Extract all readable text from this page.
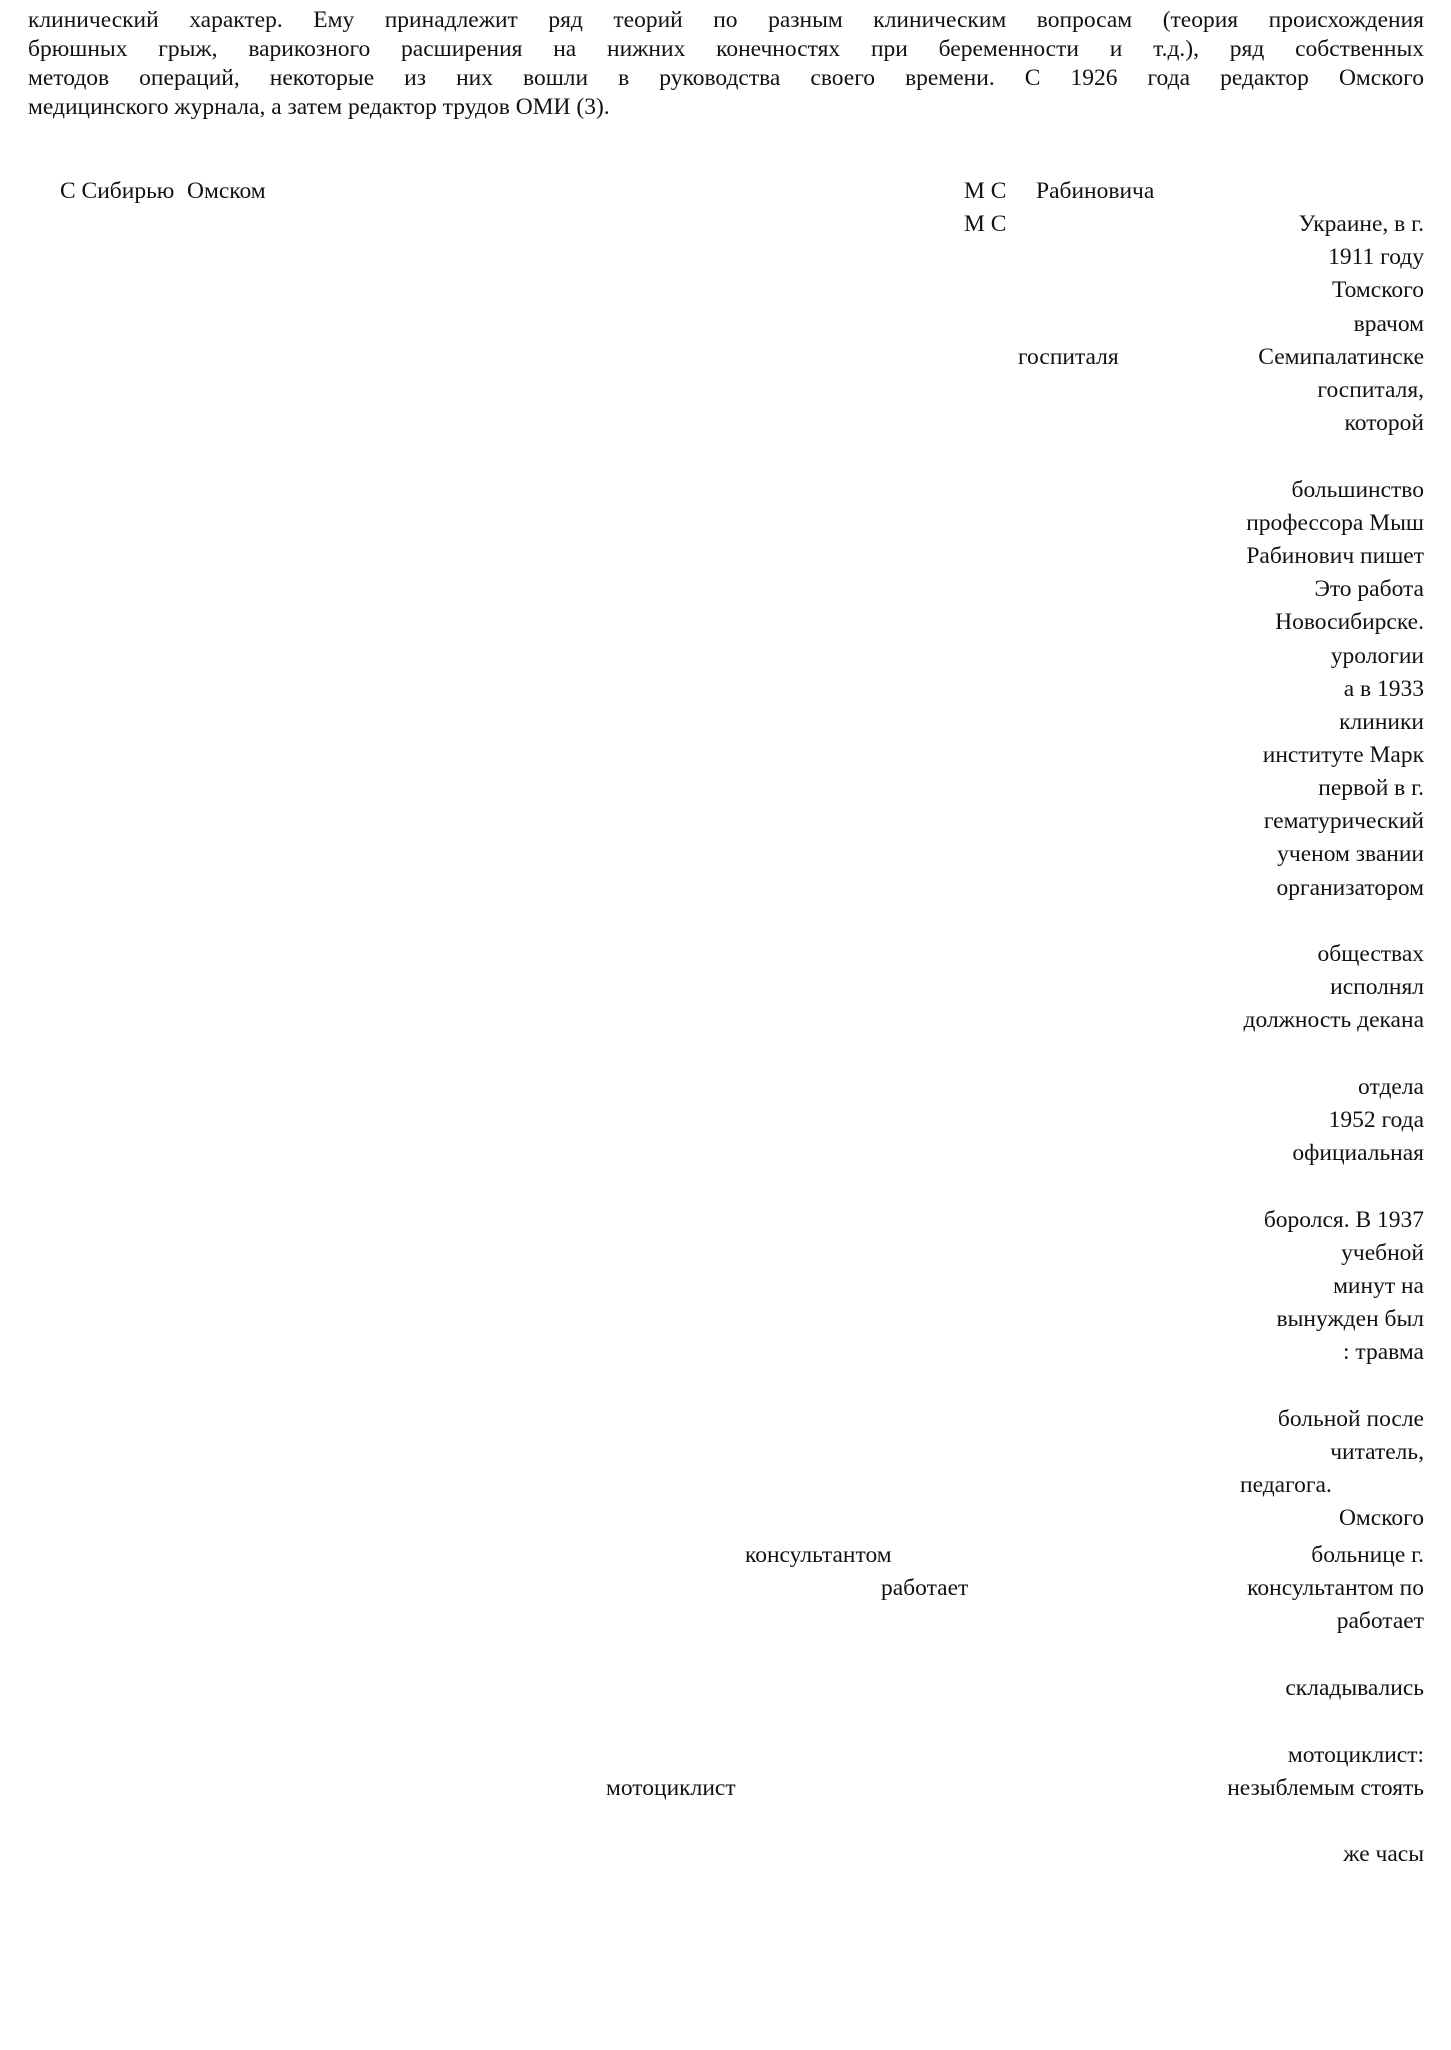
клинический характер. Ему принадлежит ряд теорий по разным клиническим вопросам (теория происхождения
брюшных грыж, варикозного расширения на нижних конечностях при беременности и т.д.), ряд собственных
методов операций, некоторые из них вошли в руководства своего времени. С 1926 года редактор Омского
медицинского журнала, а затем редактор трудов ОМИ (3).
С Сибирью Омском	М С Рабиновича
М С
госпиталя
консультантом
работает
мотоциклист
Украине, в г.
1911 году
Томского
врачом
Семипалатинске
госпиталя,
которой
большинство
профессора Мыш
Рабинович пишет
Это работа
Новосибирске.
урологии
а в 1933
клиники
институте Марк
первой в г.
гематурический
ученом звании
организатором
обществах
исполнял
должность декана
отдела
1952 года
официальная
боролся. В 1937
учебной
минут на
вынужден был
: травма
больной после
читатель,
педагога.
Омского
больнице г.
консультантом по
работает
складывались
мотоциклист:
незыблемым стоять
же часы
